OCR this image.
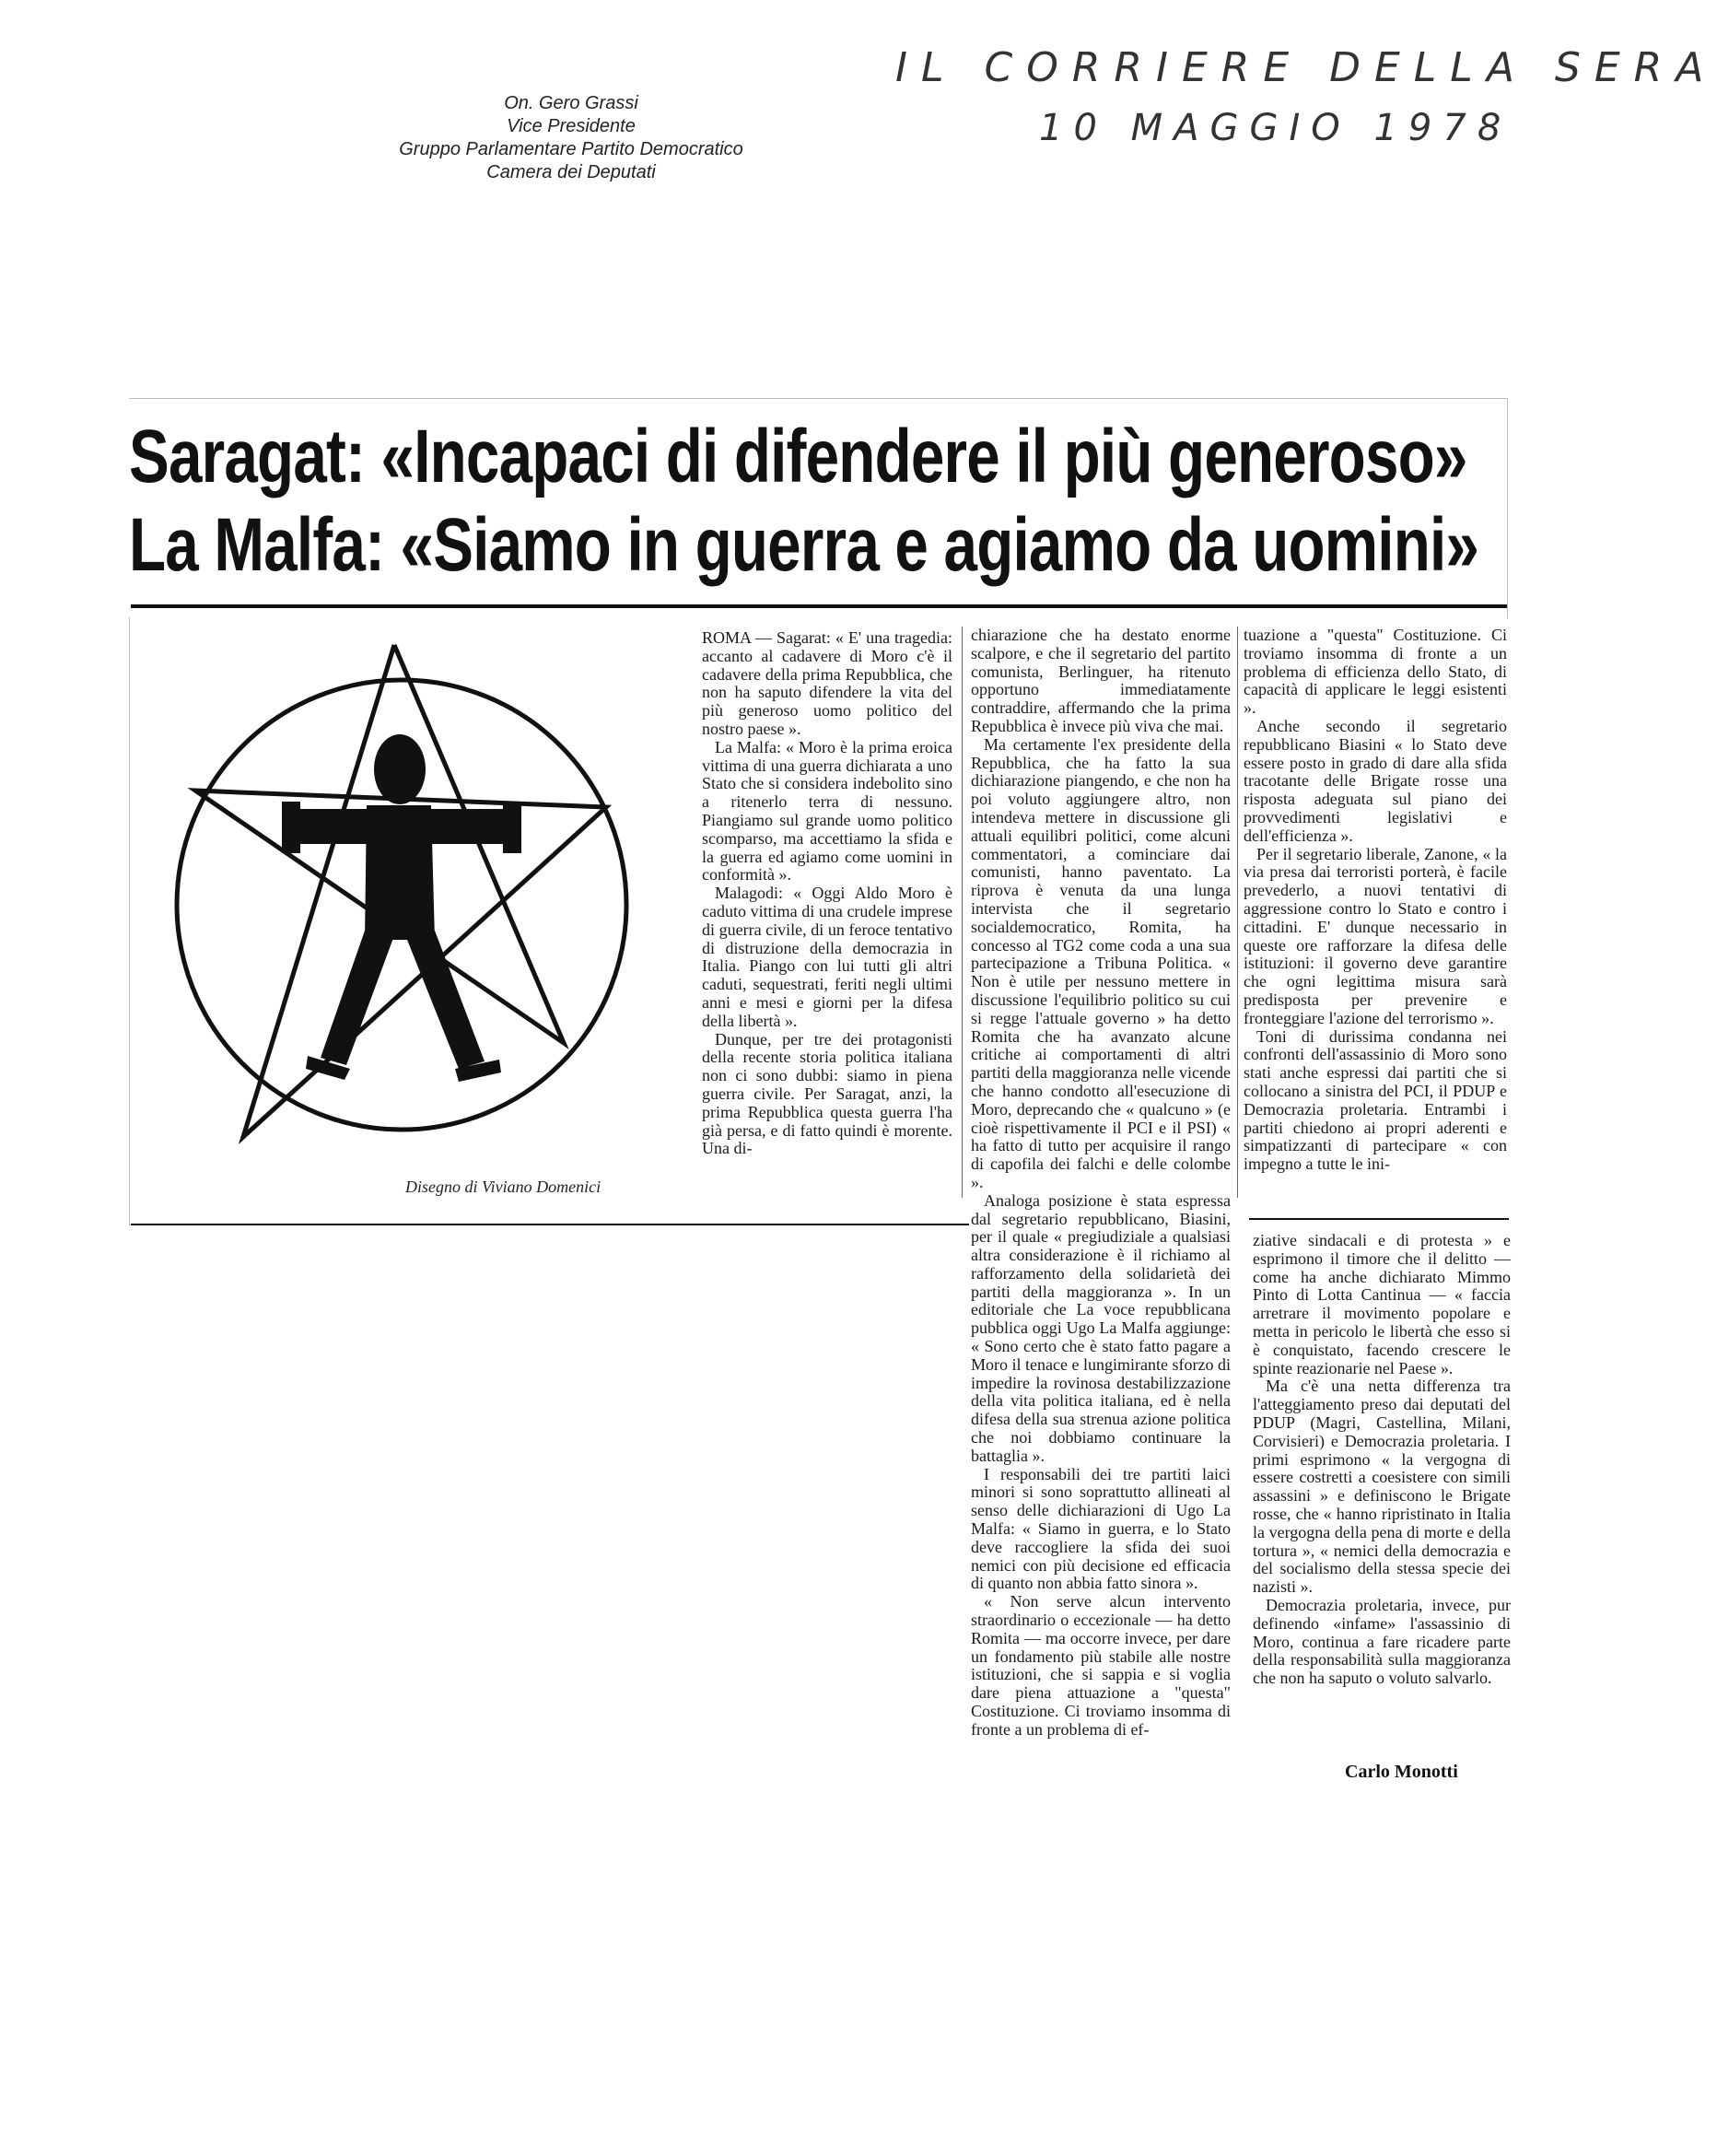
On. Gero Grassi
Vice Presidente
Gruppo Parlamentare Partito Democratico
Camera dei Deputati
IL CORRIERE DELLA SERA
10 MAGGIO 1978
Saragat: «Incapaci di difendere il più generoso»
La Malfa: «Siamo in guerra e agiamo da uomini»
Disegno di Viviano Domenici

ROMA — Sagarat: « E' una tragedia: accanto al cadavere di Moro c'è il cadavere della prima Repubblica, che non ha saputo difendere la vita del più generoso uomo politico del nostro paese ».

La Malfa: « Moro è la prima eroica vittima di una guerra dichiarata a uno Stato che si considera indebolito sino a ritenerlo terra di nessuno. Piangiamo sul grande uomo politico scomparso, ma accettiamo la sfida e la guerra ed agiamo come uomini in conformità ».

Malagodi: « Oggi Aldo Moro è caduto vittima di una crudele imprese di guerra civile, di un feroce tentativo di distruzione della democrazia in Italia. Piango con lui tutti gli altri caduti, sequestrati, feriti negli ultimi anni e mesi e giorni per la difesa della libertà ».

Dunque, per tre dei protagonisti della recente storia politica italiana non ci sono dubbi: siamo in piena guerra civile. Per Saragat, anzi, la prima Repubblica questa guerra l'ha già persa, e di fatto quindi è morente. Una di-

chiarazione che ha destato enorme scalpore, e che il segretario del partito comunista, Berlinguer, ha ritenuto opportuno immediatamente contraddire, affermando che la prima Repubblica è invece più viva che mai.

Ma certamente l'ex presidente della Repubblica, che ha fatto la sua dichiarazione piangendo, e che non ha poi voluto aggiungere altro, non intendeva mettere in discussione gli attuali equilibri politici, come alcuni commentatori, a cominciare dai comunisti, hanno paventato. La riprova è venuta da una lunga intervista che il segretario socialdemocratico, Romita, ha concesso al TG2 come coda a una sua partecipazione a Tribuna Politica. « Non è utile per nessuno mettere in discussione l'equilibrio politico su cui si regge l'attuale governo » ha detto Romita che ha avanzato alcune critiche ai comportamenti di altri partiti della maggioranza nelle vicende che hanno condotto all'esecuzione di Moro, deprecando che « qualcuno » (e cioè rispettivamente il PCI e il PSI) « ha fatto di tutto per acquisire il rango di capofila dei falchi e delle colombe ».

Analoga posizione è stata espressa dal segretario repubblicano, Biasini, per il quale « pregiudiziale a qualsiasi altra considerazione è il richiamo al rafforzamento della solidarietà dei partiti della maggioranza ». In un editoriale che La voce repubblicana pubblica oggi Ugo La Malfa aggiunge: « Sono certo che è stato fatto pagare a Moro il tenace e lungimirante sforzo di impedire la rovinosa destabilizzazione della vita politica italiana, ed è nella difesa della sua strenua azione politica che noi dobbiamo continuare la battaglia ».

I responsabili dei tre partiti laici minori si sono soprattutto allineati al senso delle dichiarazioni di Ugo La Malfa: « Siamo in guerra, e lo Stato deve raccogliere la sfida dei suoi nemici con più decisione ed efficacia di quanto non abbia fatto sinora ».

« Non serve alcun intervento straordinario o eccezionale — ha detto Romita — ma occorre invece, per dare un fondamento più stabile alle nostre istituzioni, che si sappia e si voglia dare piena attuazione a "questa" Costituzione. Ci troviamo insomma di fronte a un problema di ef-

tuazione a "questa" Costituzione. Ci troviamo insomma di fronte a un problema di efficienza dello Stato, di capacità di applicare le leggi esistenti ».

Anche secondo il segretario repubblicano Biasini « lo Stato deve essere posto in grado di dare alla sfida tracotante delle Brigate rosse una risposta adeguata sul piano dei provvedimenti legislativi e dell'efficienza ».

Per il segretario liberale, Zanone, « la via presa dai terroristi porterà, è facile prevederlo, a nuovi tentativi di aggressione contro lo Stato e contro i cittadini. E' dunque necessario in queste ore rafforzare la difesa delle istituzioni: il governo deve garantire che ogni legittima misura sarà predisposta per prevenire e fronteggiare l'azione del terrorismo ».

Toni di durissima condanna nei confronti dell'assassinio di Moro sono stati anche espressi dai partiti che si collocano a sinistra del PCI, il PDUP e Democrazia proletaria. Entrambi i partiti chiedono ai propri aderenti e simpatizzanti di partecipare « con impegno a tutte le ini-

ziative sindacali e di protesta » e esprimono il timore che il delitto — come ha anche dichiarato Mimmo Pinto di Lotta Cantinua — « faccia arretrare il movimento popolare e metta in pericolo le libertà che esso si è conquistato, facendo crescere le spinte reazionarie nel Paese ».

Ma c'è una netta differenza tra l'atteggiamento preso dai deputati del PDUP (Magri, Castellina, Milani, Corvisieri) e Democrazia proletaria. I primi esprimono « la vergogna di essere costretti a coesistere con simili assassini » e definiscono le Brigate rosse, che « hanno ripristinato in Italia la vergogna della pena di morte e della tortura », « nemici della democrazia e del socialismo della stessa specie dei nazisti ».

Democrazia proletaria, invece, pur definendo «infame» l'assassinio di Moro, continua a fare ricadere parte della responsabilità sulla maggioranza che non ha saputo o voluto salvarlo.

Carlo Monotti
